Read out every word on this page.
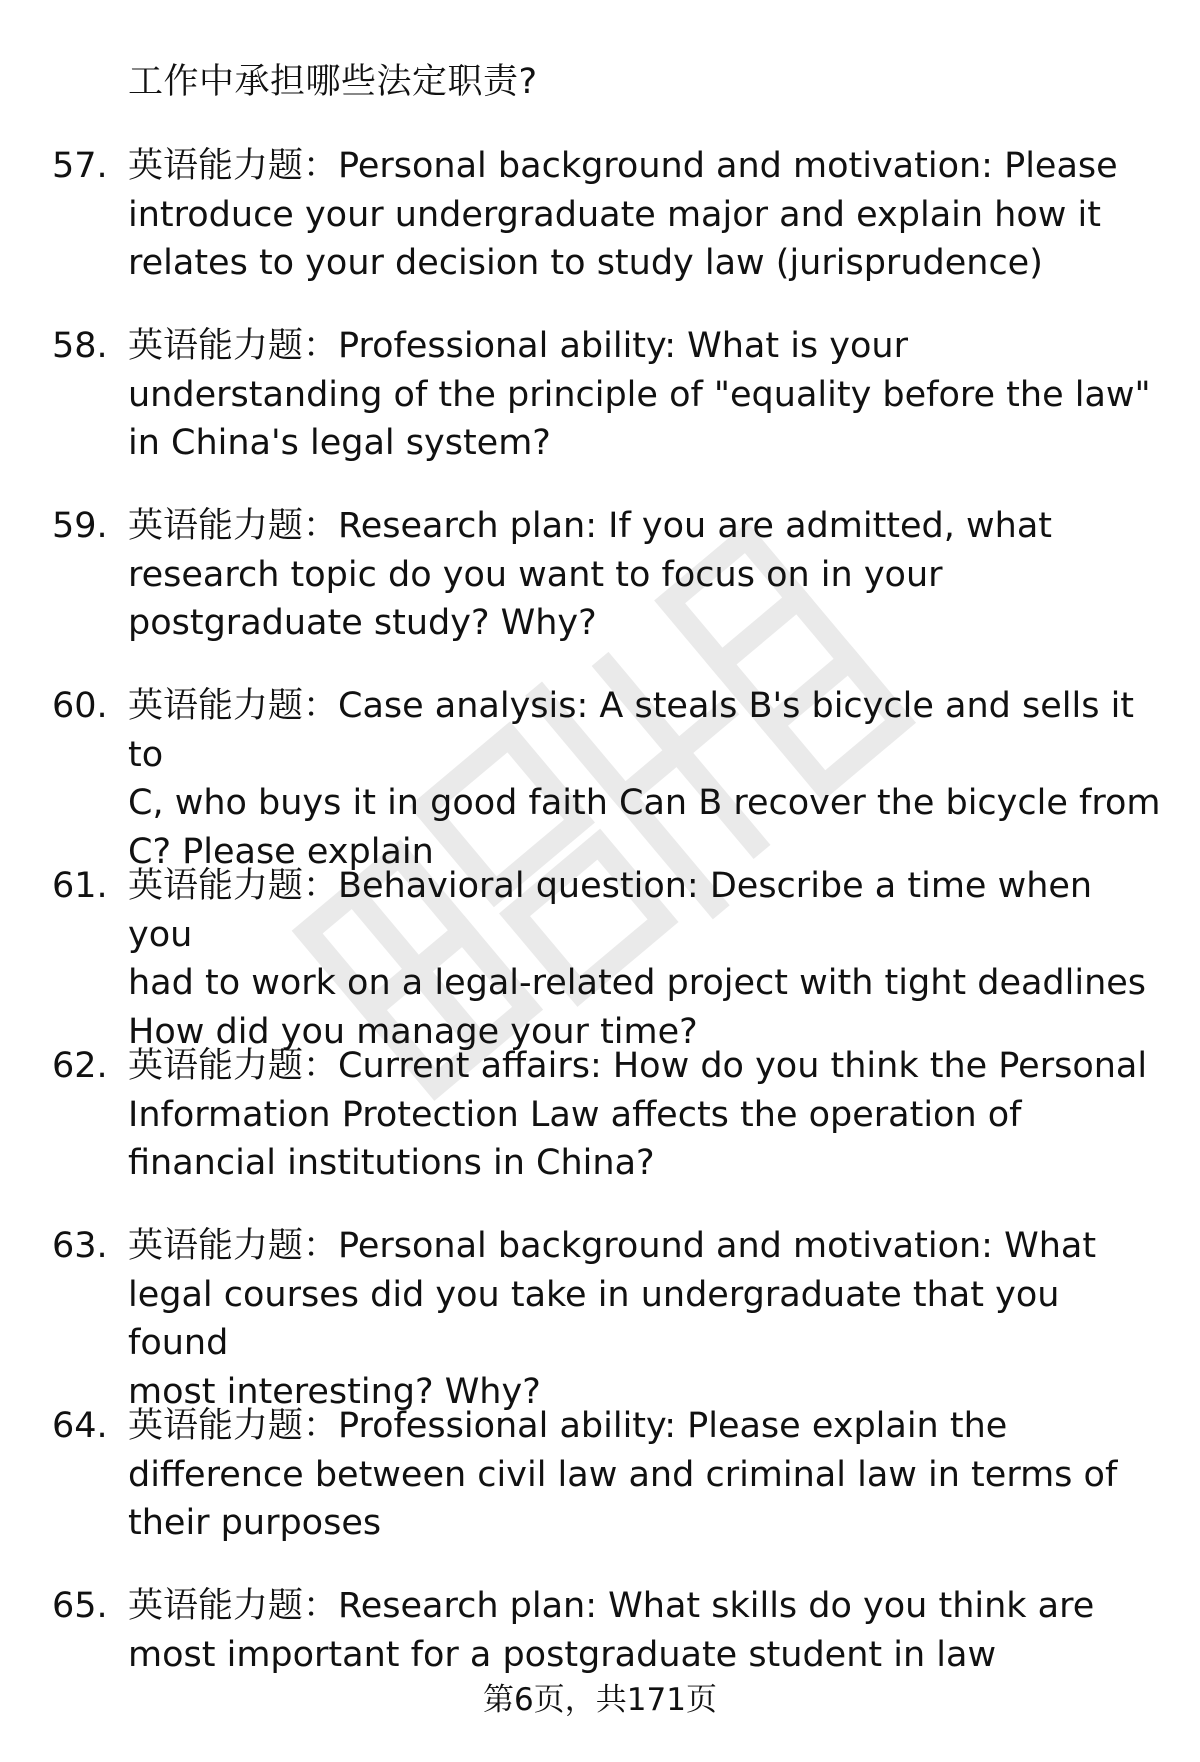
工作中承担哪些法定职责?
57. 英语能力题：Personal background and motivation: Please
introduce your undergraduate major and explain how it
relates to your decision to study law (jurisprudence)
58. 英语能力题：Professional ability: What is your
understanding of the principle of "equality before the law"
in China's legal system?
59. 英语能力题：Research plan: If you are admitted, what
research topic do you want to focus on in your
postgraduate study? Why?
60. 英语能力题：Case analysis: A steals B's bicycle and sells it to
C, who buys it in good faith Can B recover the bicycle from
C? Please explain
61. 英语能力题：Behavioral question: Describe a time when you
had to work on a legal-related project with tight deadlines
How did you manage your time?
62. 英语能力题：Current affairs: How do you think the Personal
Information Protection Law affects the operation of
financial institutions in China?
63. 英语能力题：Personal background and motivation: What
legal courses did you take in undergraduate that you found
most interesting? Why?
64. 英语能力题：Professional ability: Please explain the
difference between civil law and criminal law in terms of
their purposes
65. 英语能力题：Research plan: What skills do you think are
most important for a postgraduate student in law
第6页，共171页
